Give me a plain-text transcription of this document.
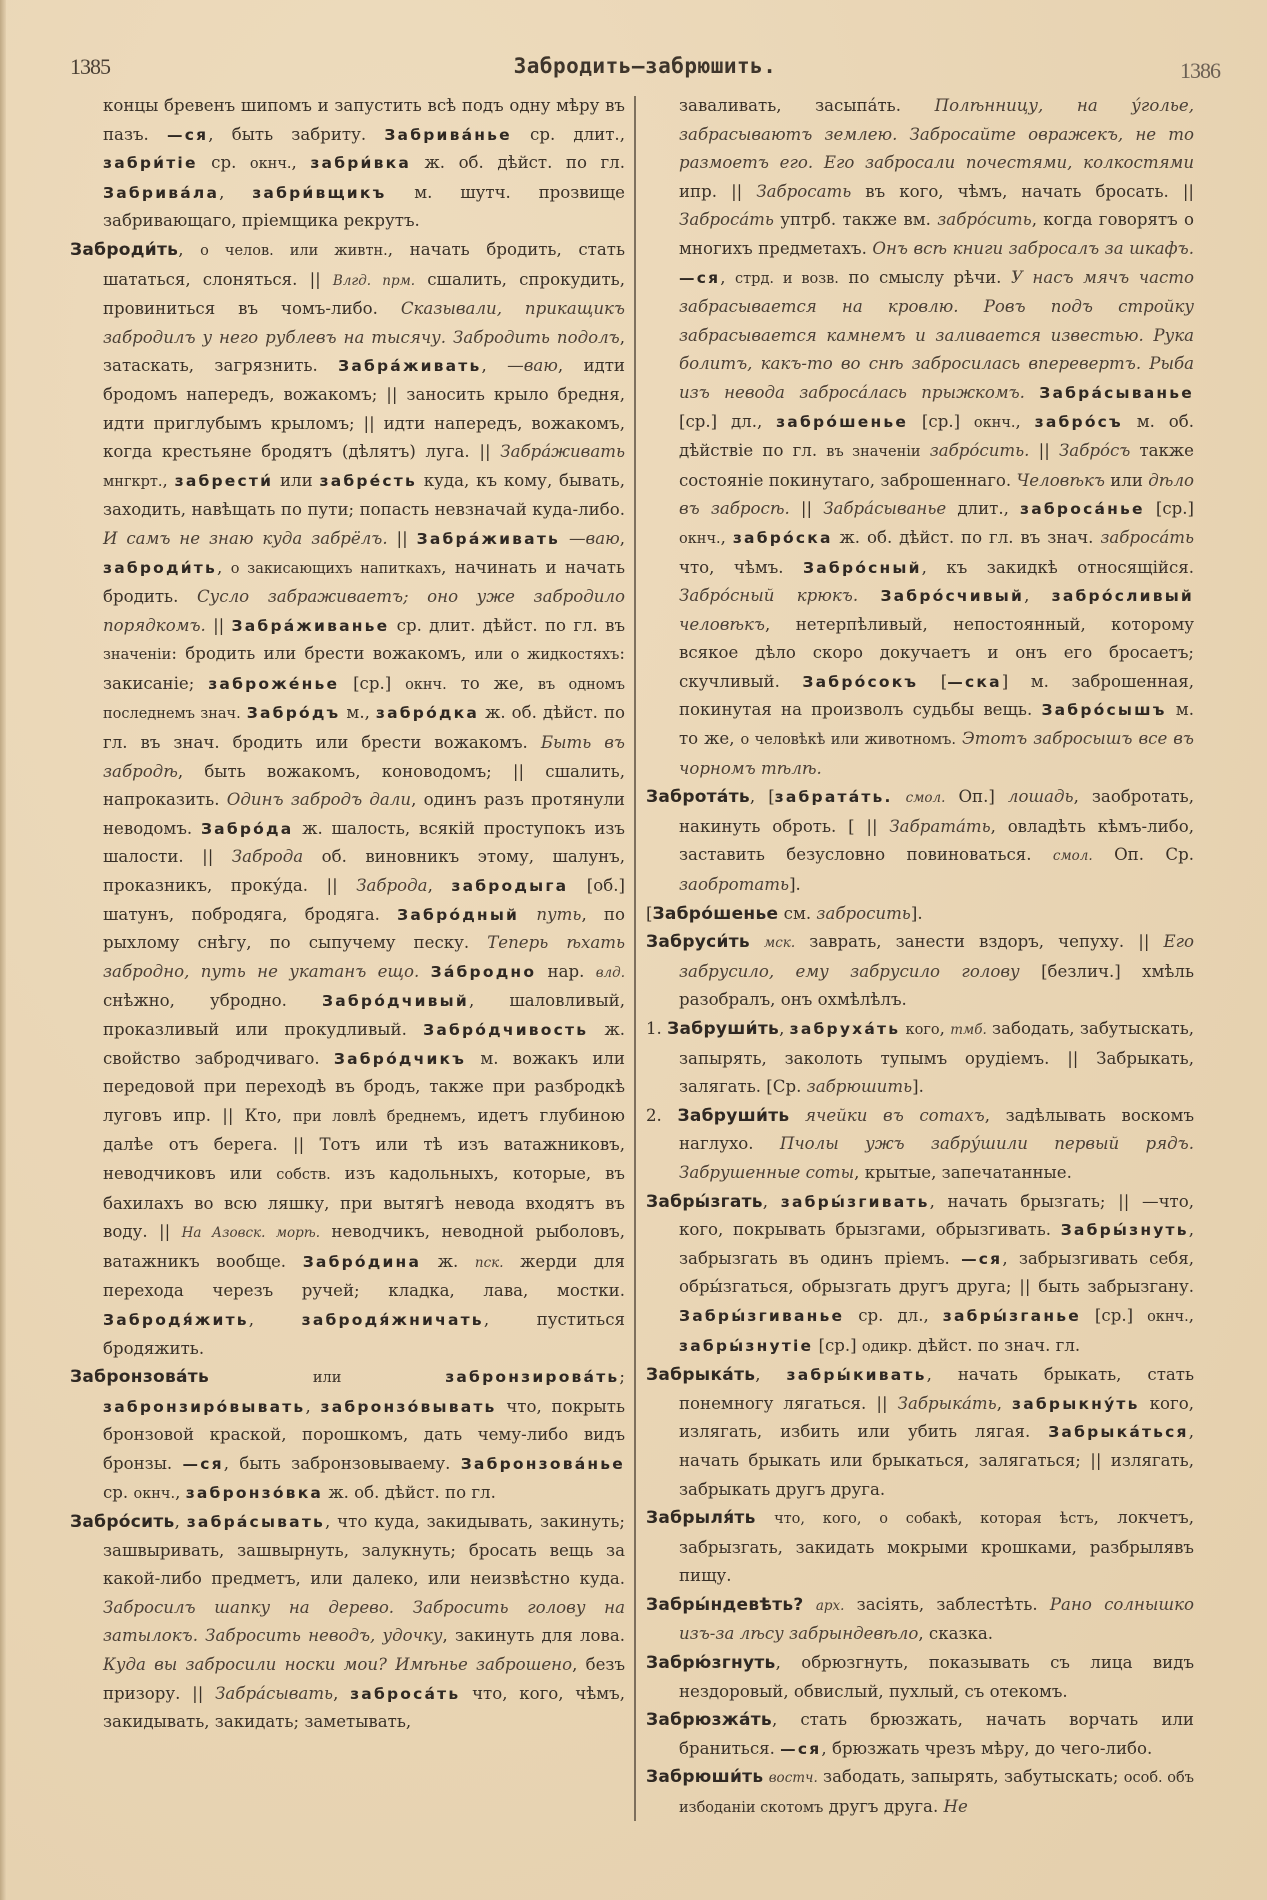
1385	Забродить—забрюшить.	1386

концы бревенъ шипомъ и запустить всѣ подъ одну мѣру въ пазъ. —ся, быть забриту. Забрива́нье ср. длит., забри́тіе ср. окнч., забри́вка ж. об. дѣйст. по гл. Забрива́ла, забри́вщикъ м. шутч. прозвище забривающаго, пріемщика рекрутъ.

Заброди́ть, о челов. или живтн., начать бродить, стать шататься, слоняться. || Влгд. прм. сшалить, спрокудить, провиниться въ чомъ-либо. Сказывали, прикащикъ забродилъ у него рублевъ на тысячу. Забродить подолъ, затаскать, загрязнить. Забра́живать, —ваю, идти бродомъ напередъ, вожакомъ; || заносить крыло бредня, идти приглубымъ крыломъ; || идти напередъ, вожакомъ, когда крестьяне бродятъ (дѣлятъ) луга. || Забра́живать мнгкрт., забрести́ или забре́сть куда, къ кому, бывать, заходить, навѣщать по пути; попасть невзначай куда-либо. И самъ не знаю куда забрёлъ. || Забра́живать —ваю, заброди́ть, о закисающихъ напиткахъ, начинать и начать бродить. Сусло забраживаетъ; оно уже забродило порядкомъ. || Забра́живанье ср. длит. дѣйст. по гл. въ значеніи: бродить или брести вожакомъ, или о жидкостяхъ: закисаніе; заброже́нье [ср.] окнч. то же, въ одномъ последнемъ знач. Забро́дъ м., забро́дка ж. об. дѣйст. по гл. въ знач. бродить или брести вожакомъ. Быть въ забродѣ, быть вожакомъ, коноводомъ; || сшалить, напроказить. Одинъ забродъ дали, одинъ разъ протянули неводомъ. Забро́да ж. шалость, всякій проступокъ изъ шалости. || Заброда об. виновникъ этому, шалунъ, проказникъ, проку́да. || Заброда, забродыга [об.] шатунъ, побродяга, бродяга. Забро́дный путь, по рыхлому снѣгу, по сыпучему песку. Теперь ѣхать забродно, путь не укатанъ ещо. За́бродно нар. влд. снѣжно, убродно. Забро́дчивый, шаловливый, проказливый или прокудливый. Забро́дчивость ж. свойство забродчиваго. Забро́дчикъ м. вожакъ или передовой при переходѣ въ бродъ, также при разбродкѣ луговъ ипр. || Кто, при ловлѣ бреднемъ, идетъ глубиною далѣе отъ берега. || Тотъ или тѣ изъ ватажниковъ, неводчиковъ или собств. изъ кадольныхъ, которые, въ бахилахъ во всю ляшку, при вытягѣ невода входятъ въ воду. || На Азовск. морѣ. неводчикъ, неводной рыболовъ, ватажникъ вообще. Забро́дина ж. пск. жерди для перехода черезъ ручей; кладка, лава, мостки. Забродя́жить, забродя́жничать, пуститься бродяжить.

Забронзова́ть	или	забронзирова́ть; забронзиро́вывать, забронзо́вывать что, покрыть бронзовой краской, порошкомъ, дать чему-либо видъ бронзы. —ся, быть забронзовываему. Забронзова́нье ср. окнч., забронзо́вка ж. об. дѣйст. по гл.

Забро́сить, забра́сывать, что куда, закидывать, закинуть; зашвыривать, зашвырнуть, залукнуть; бросать вещь за какой-либо предметъ, или далеко, или неизвѣстно куда. Забросилъ шапку на дерево. Забросить голову на затылокъ. Забросить неводъ, удочку, закинуть для лова. Куда вы забросили носки мои? Имѣнье заброшено, безъ призору. || Забра́сывать, заброса́ть что, кого, чѣмъ, закидывать, закидать; заметывать,

заваливать, засыпа́ть. Полѣнницу, на у́голье, забрасываютъ землею. Забросайте овражекъ, не то размоетъ его. Его забросали почестями, колкостями ипр. || Забросать въ кого, чѣмъ, начать бросать. || Заброса́ть уптрб. также вм. забро́сить, когда говорятъ о многихъ предметахъ. Онъ всѣ книги забросалъ за шкафъ. —ся, стрд. и возв. по смыслу рѣчи. У насъ мячъ часто забрасывается на кровлю. Ровъ подъ стройку забрасывается камнемъ и заливается известью. Рука болитъ, какъ-то во снѣ забросилась вперевертъ. Рыба изъ невода заброса́лась прыжкомъ. Забра́сыванье [ср.] дл., забро́шенье [ср.] окнч., забро́съ м. об. дѣйствіе по гл. въ значеніи забро́сить. || Забро́съ также состояніе покинутаго, заброшеннаго. Человѣкъ или дѣло въ забросѣ. || Забра́сыванье длит., заброса́нье [ср.] окнч., забро́ска ж. об. дѣйст. по гл. въ знач. заброса́ть что, чѣмъ. Забро́сный, къ закидкѣ относящійся. Забро́сный крюкъ. Забро́счивый, забро́сливый человѣкъ, нетерпѣливый, непостоянный, которому всякое дѣло скоро докучаетъ и онъ его бросаетъ; скучливый. Забро́сокъ [—ска] м. заброшенная, покинутая на произволъ судьбы вещь. Забро́сышъ м. то же, о человѣкѣ или животномъ. Этотъ забросышъ все въ чорномъ тѣлѣ.

Заброта́ть, [забрата́ть. смол. Оп.] лошадь, заобротать, накинуть оброть. [ || Забрата́ть, овладѣть кѣмъ-либо, заставить безусловно повиноваться. смол. Оп. Ср. заобротать].

[Забро́шенье см. забросить].

Забруси́ть мск. заврать, занести вздоръ, чепуху. || Его забрусило, ему забрусило голову [безлич.] хмѣль разобралъ, онъ охмѣлѣлъ.

1. Забруши́ть, забруха́ть кого, тмб. забодать, забутыскать, запырять, заколоть тупымъ орудіемъ. || Забрыкать, залягать. [Ср. забрюшить].

2. Забруши́ть ячейки въ сотахъ, задѣлывать воскомъ наглухо. Пчолы ужъ забру́шили первый рядъ. Забрушенные соты, крытые, запечатанные.

Забры́згать, забры́згивать, начать брызгать; || —что, кого, покрывать брызгами, обрызгивать. Забры́знуть, забрызгать въ одинъ пріемъ. —ся, забрызгивать себя, обры́згаться, обрызгать другъ друга; || быть забрызгану. Забры́згиванье ср. дл., забры́зганье [ср.] окнч., забры́знутіе [ср.] одикр. дѣйст. по знач. гл.

Забрыка́ть, забры́кивать, начать брыкать, стать понемногу лягаться. || Забрыка́ть, забрыкну́ть кого, излягать, избить или убить лягая. Забрыка́ться, начать брыкать или брыкаться, залягаться; || излягать, забрыкать другъ друга.

Забрыля́ть что, кого, о собакѣ, которая ѣстъ, локчетъ, забрызгать, закидать мокрыми крошками, разбрылявъ пищу.

Забры́ндевѣть? арх. засіять, заблестѣть. Рано солнышко изъ-за лѣсу забрындевѣло, сказка.

Забрю́згнуть, обрюзгнуть, показывать съ лица видъ нездоровый, обвислый, пухлый, съ отекомъ.

Забрюзжа́ть, стать брюзжать, начать ворчать или браниться. —ся, брюзжать чрезъ мѣру, до чего-либо.

Забрюши́ть востч. забодать, запырять, забутыскать; особ. объ избоданіи скотомъ другъ друга. Не
